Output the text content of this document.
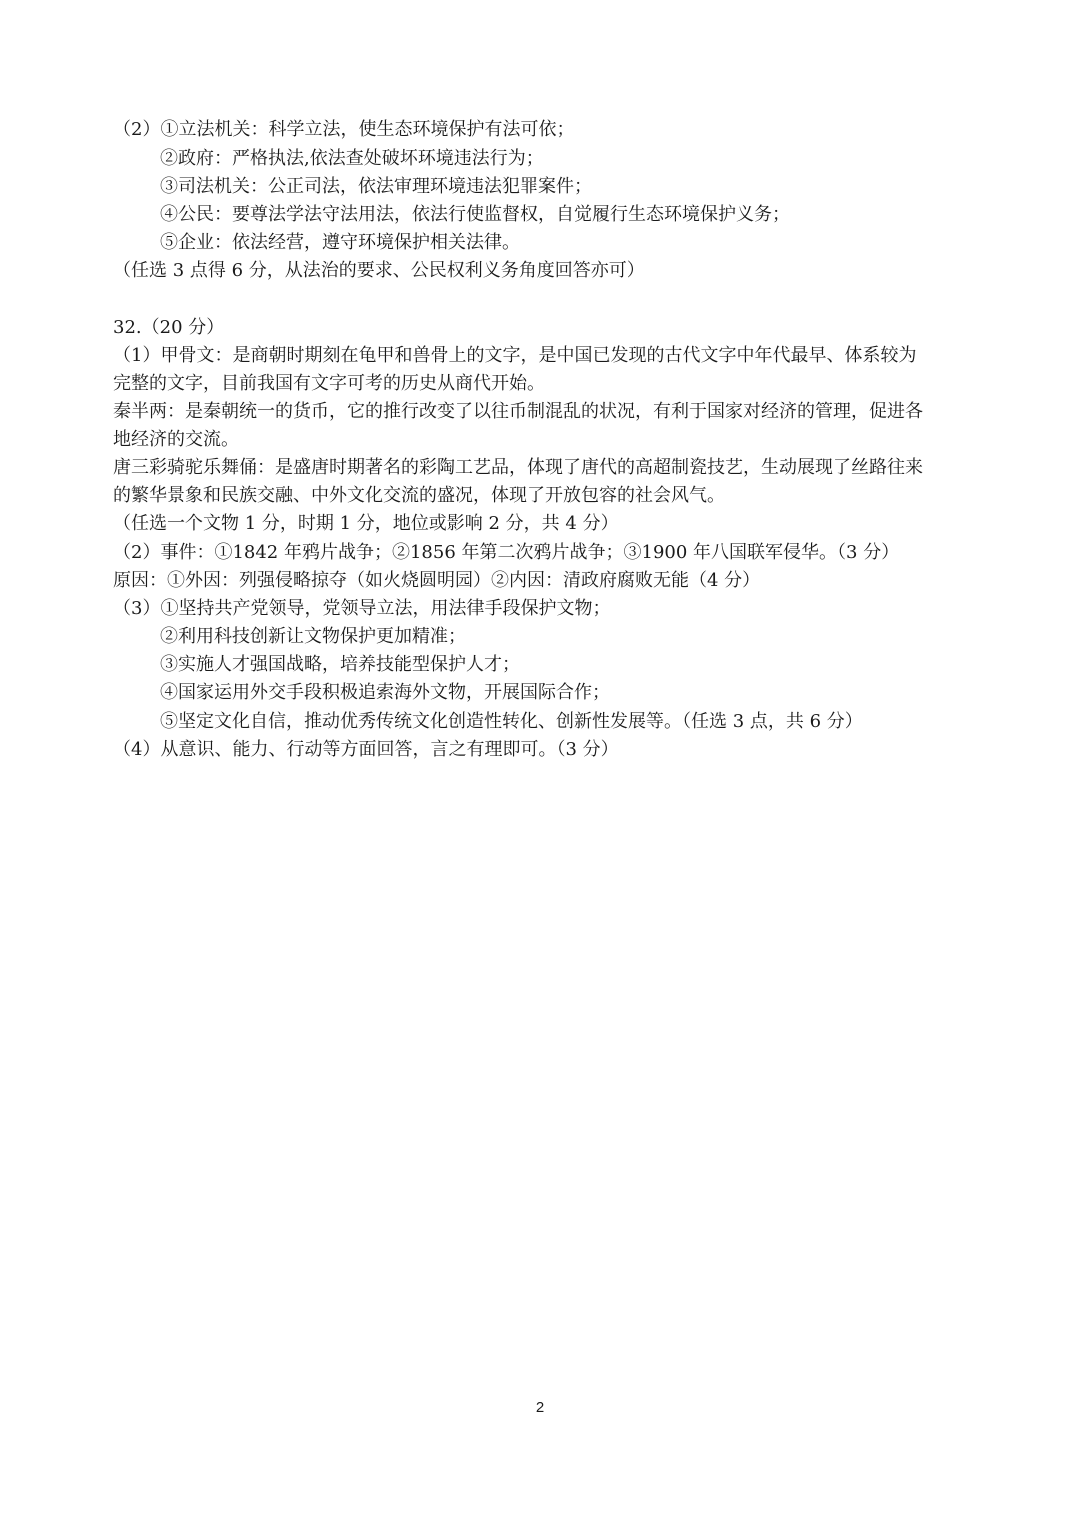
（2）①立法机关：科学立法，使生态环境保护有法可依；
②政府：严格执法,依法查处破坏环境违法行为；
③司法机关：公正司法，依法审理环境违法犯罪案件；
④公民：要尊法学法守法用法，依法行使监督权，自觉履行生态环境保护义务；
⑤企业：依法经营，遵守环境保护相关法律。
（任选 3 点得 6 分，从法治的要求、公民权利义务角度回答亦可）
32.（20 分）
（1）甲骨文：是商朝时期刻在龟甲和兽骨上的文字，是中国已发现的古代文字中年代最早、体系较为
完整的文字，目前我国有文字可考的历史从商代开始。
秦半两：是秦朝统一的货币，它的推行改变了以往币制混乱的状况，有利于国家对经济的管理，促进各
地经济的交流。
唐三彩骑驼乐舞俑：是盛唐时期著名的彩陶工艺品，体现了唐代的高超制瓷技艺，生动展现了丝路往来
的繁华景象和民族交融、中外文化交流的盛况，体现了开放包容的社会风气。
（任选一个文物 1 分，时期 1 分，地位或影响 2 分，共 4 分）
（2）事件：①1842 年鸦片战争；②1856 年第二次鸦片战争；③1900 年八国联军侵华。（3 分）
原因：①外因：列强侵略掠夺（如火烧圆明园）②内因：清政府腐败无能（4 分）
（3）①坚持共产党领导，党领导立法，用法律手段保护文物；
②利用科技创新让文物保护更加精准；
③实施人才强国战略，培养技能型保护人才；
④国家运用外交手段积极追索海外文物，开展国际合作；
⑤坚定文化自信，推动优秀传统文化创造性转化、创新性发展等。（任选 3 点，共 6 分）
（4）从意识、能力、行动等方面回答，言之有理即可。（3 分）
2
